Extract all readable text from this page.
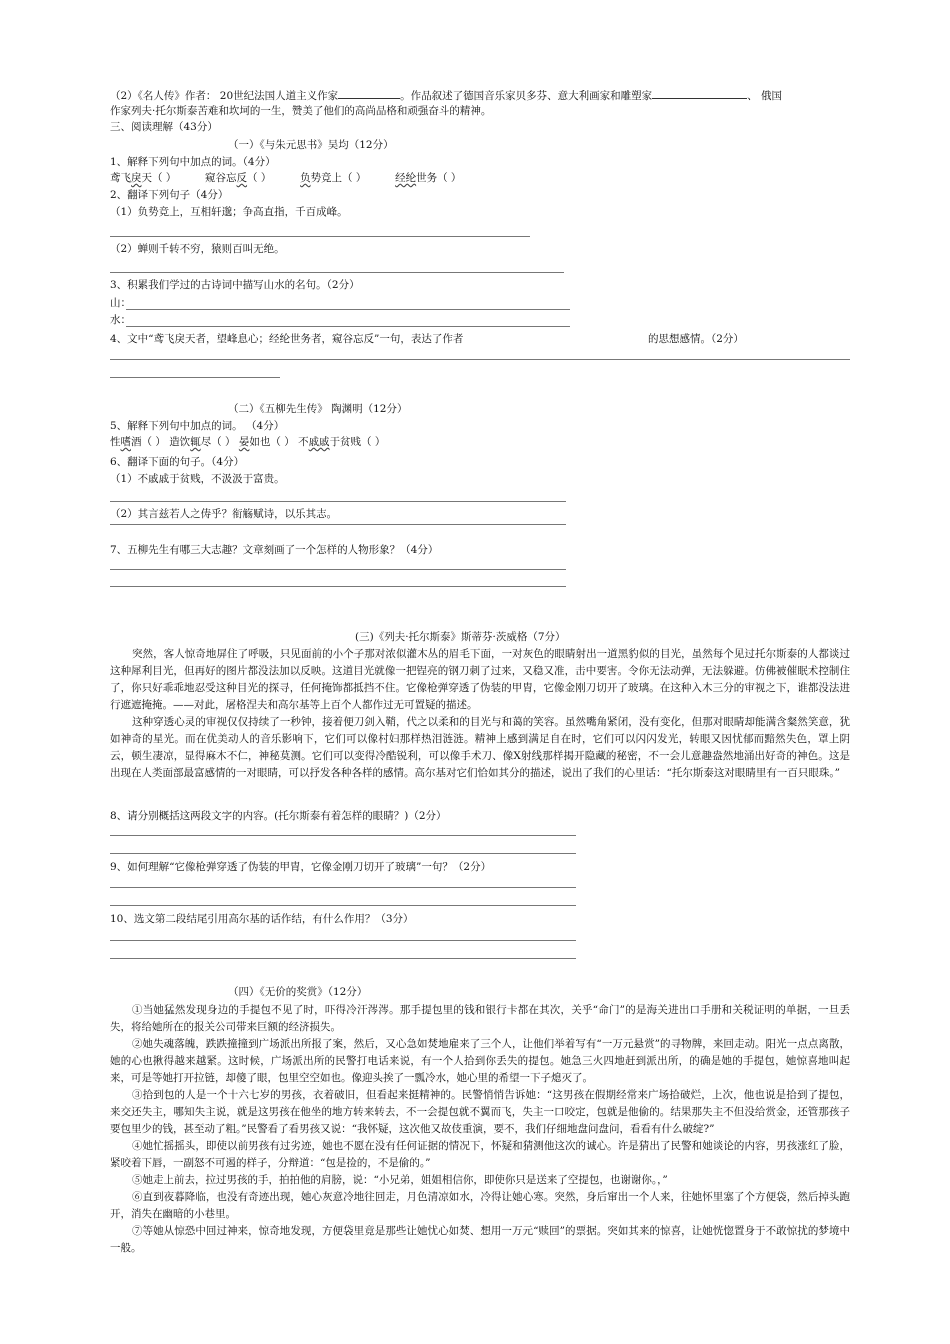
（2）《名人传》作者： 20世纪法国人道主义作家	。作品叙述了德国音乐家贝多芬、意大利画家和雕塑家	、 俄国
作家列夫·托尔斯泰苦难和坎坷的一生，赞美了他们的高尚品格和顽强奋斗的精神。
三、阅读理解（43分）
（一）《与朱元思书》吴均（12分）
1、解释下列句中加点的词。（4分）
鸢飞戾天（ ）	窥谷忘反（ ）	负势竞上（ ）	经纶世务（ ）
2、翻译下列句子（4分）
（1）负势竞上，互相轩邈；争高直指，千百成峰。
（2）蝉则千转不穷，猿则百叫无绝。
3、积累我们学过的古诗词中描写山水的名句。（2分）
山：
水：
4、文中“鸢飞戾天者，望峰息心；经纶世务者，窥谷忘反”一句，表达了作者	的思想感情。（2分）
（二）《五柳先生传》 陶渊明（12分）
5、解释下列句中加点的词。 （4分）
性嗜酒（ ） 造饮辄尽（ ） 晏如也（ ） 不戚戚于贫贱（ ）
6、翻译下面的句子。（4分）
（1）不戚戚于贫贱，不汲汲于富贵。
（2）其言兹若人之俦乎？衔觞赋诗，以乐其志。
7、五柳先生有哪三大志趣？文章刻画了一个怎样的人物形象？（4分）
(三)《列夫·托尔斯泰》斯蒂芬·茨威格（7分）

突然，客人惊奇地屏住了呼吸，只见面前的小个子那对浓似灌木丛的眉毛下面，一对灰色的眼睛射出一道黑豹似的目光，虽然每个见过托尔斯泰的人都谈过这种犀利目光，但再好的图片都没法加以反映。这道目光就像一把锃亮的钢刀刺了过来，又稳又准，击中要害。令你无法动弹，无法躲避。仿佛被催眠术控制住了，你只好乖乖地忍受这种目光的探寻，任何掩饰都抵挡不住。它像枪弹穿透了伪装的甲胄，它像金刚刀切开了玻璃。在这种入木三分的审视之下，谁都没法进行遮遮掩掩。——对此，屠格涅夫和高尔基等上百个人都作过无可置疑的描述。

这种穿透心灵的审视仅仅持续了一秒钟，接着便刀剑入鞘，代之以柔和的目光与和蔼的笑容。虽然嘴角紧闭，没有变化，但那对眼睛却能满含粲然笑意，犹如神奇的星光。而在优美动人的音乐影响下，它们可以像村妇那样热泪涟涟。精神上感到满足自在时，它们可以闪闪发光，转眼又因忧郁而黯然失色，罩上阴云，顿生凄凉，显得麻木不仁，神秘莫测。它们可以变得冷酷锐利，可以像手术刀、像X射线那样揭开隐藏的秘密，不一会儿意趣盎然地涌出好奇的神色。这是出现在人类面部最富感情的一对眼睛，可以抒发各种各样的感情。高尔基对它们恰如其分的描述，说出了我们的心里话：“托尔斯泰这对眼睛里有一百只眼珠。”

8、请分别概括这两段文字的内容。(托尔斯泰有着怎样的眼睛？)（2分）
9、如何理解“它像枪弹穿透了伪装的甲胄，它像金刚刀切开了玻璃”一句？（2分）
10、选文第二段结尾引用高尔基的话作结，有什么作用？（3分）
（四）《无价的奖赏》（12分）

①当她猛然发现身边的手提包不见了时，吓得冷汗涔涔。那手提包里的钱和银行卡都在其次，关乎“命门”的是海关进出口手册和关税证明的单据，一旦丢失，将给她所在的报关公司带来巨额的经济损失。

②她失魂落魄，跌跌撞撞到广场派出所报了案，然后，又心急如焚地雇来了三个人，让他们举着写有“一万元悬赏”的寻物牌，来回走动。阳光一点点离散，她的心也揪得越来越紧。这时候，广场派出所的民警打电话来说，有一个人拾到你丢失的提包。她急三火四地赶到派出所，的确是她的手提包，她惊喜地叫起来，可是等她打开拉链，却傻了眼，包里空空如也。像迎头挨了一瓢冷水，她心里的希望一下子熄灭了。

③拾到包的人是一个十六七岁的男孩，衣着破旧，但看起来挺精神的。民警悄悄告诉她：“这男孩在假期经常来广场拾破烂，上次，他也说是拾到了提包，来交还失主，哪知失主说，就是这男孩在他坐的地方转来转去，不一会提包就不翼而飞，失主一口咬定，包就是他偷的。结果那失主不但没给赏金，还管那孩子要包里少的钱，甚至动了粗。”民警看了看男孩又说：“我怀疑，这次他又故伎重演，要不，我们仔细地盘问盘问，看看有什么破绽?”

④她忙摇摇头，即使以前男孩有过劣迹，她也不愿在没有任何证据的情况下，怀疑和猜测他这次的诚心。许是猜出了民警和她谈论的内容，男孩涨红了脸，紧咬着下唇，一副怒不可遏的样子，分辩道：“包是捡的，不是偷的。”

⑤她走上前去，拉过男孩的手，拍拍他的肩膀，说：“小兄弟，姐姐相信你，即使你只是送来了空提包，也谢谢你。，”

⑥直到夜暮降临，也没有奇迹出现，她心灰意冷地往回走，月色清凉如水，冷得让她心寒。突然，身后窜出一个人来，往她怀里塞了个方便袋，然后掉头跑开，消失在幽暗的小巷里。

⑦等她从惊恐中回过神来，惊奇地发现，方便袋里竟是那些让她忧心如焚、想用一万元“赎回”的票据。突如其来的惊喜，让她恍惚置身于不敢惊扰的梦境中一般。
